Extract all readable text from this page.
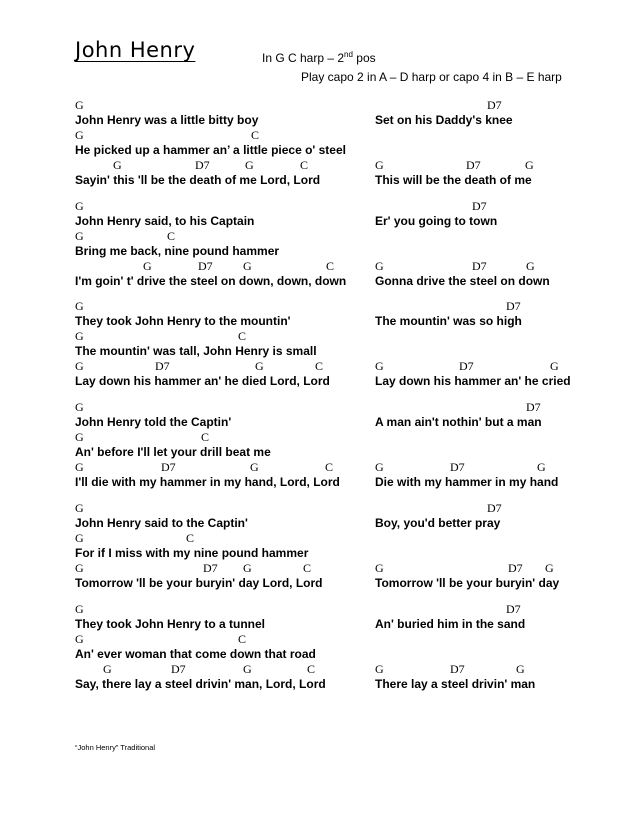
John Henry	In G C harp – 2nd pos
Play capo 2 in A – D harp or capo 4 in B – E harp
G
John Henry was a little bitty boy
G	C
He picked up a hammer an’ a little piece o' steel
G	D7	G	C
Sayin' this 'll be the death of me Lord, Lord
G
John Henry said, to his Captain
G	C
Bring me back, nine pound hammer
G	D7	G	C
I'm goin' t' drive the steel on down, down, down
G
They took John Henry to the mountin'
G	C
The mountin' was tall, John Henry is small
G	D7	G	C
Lay down his hammer an' he died Lord, Lord
G
John Henry told the Captin'
G	C
An' before I'll let your drill beat me
G	D7	G	C
I'll die with my hammer in my hand, Lord, Lord
G
John Henry said to the Captin'
G	C
For if I miss with my nine pound hammer
G	D7 G	C
Tomorrow 'll be your buryin' day Lord, Lord
G
They took John Henry to a tunnel
G	C
An' ever woman that come down that road
G	D7	G	C
Say, there lay a steel drivin' man, Lord, Lord
D7
Set on his Daddy's knee
G	D7	G
This will be the death of me
D7
Er' you going to town
G	D7	G
Gonna drive the steel on down
D7
The mountin' was so high
G	D7	G
Lay down his hammer an' he cried
D7
A man ain't nothin' but a man
G	D7	G
Die with my hammer in my hand
D7
Boy, you'd better pray
G	D7 G
Tomorrow 'll be your buryin' day
D7
An' buried him in the sand
G	D7	G
There lay a steel drivin' man
“John Henry” Traditional
